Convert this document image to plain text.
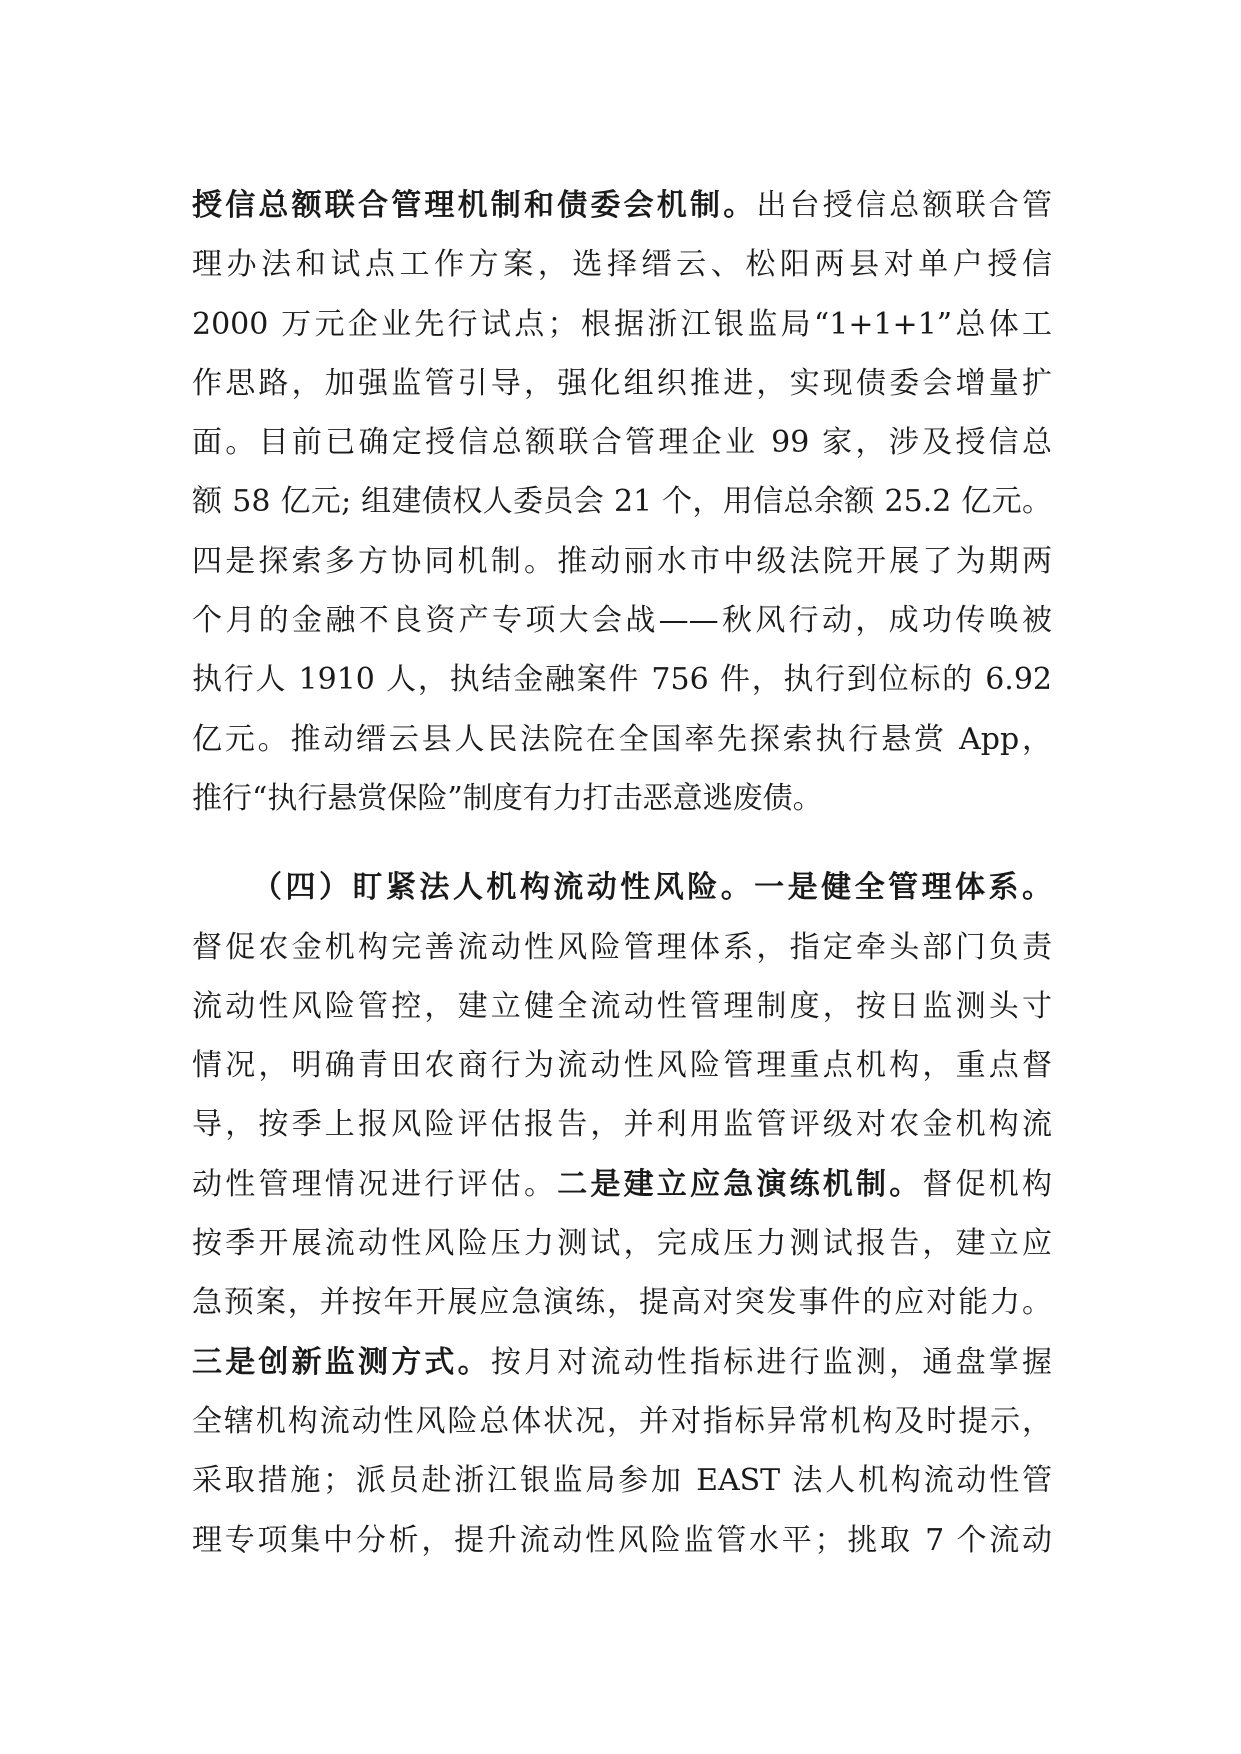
授信总额联合管理机制和债委会机制。出台授信总额联合管
理办法和试点工作方案，选择缙云、松阳两县对单户授信
2000 万元企业先行试点；根据浙江银监局“1+1+1”总体工
作思路，加强监管引导，强化组织推进，实现债委会增量扩
面。目前已确定授信总额联合管理企业 99 家，涉及授信总
额 58 亿元; 组建债权人委员会 21 个，用信总余额 25.2 亿元。
四是探索多方协同机制。推动丽水市中级法院开展了为期两
个月的金融不良资产专项大会战——秋风行动，成功传唤被
执行人 1910 人，执结金融案件 756 件，执行到位标的 6.92
亿元。推动缙云县人民法院在全国率先探索执行悬赏 App，
推行“执行悬赏保险”制度有力打击恶意逃废债。
（四）盯紧法人机构流动性风险。一是健全管理体系。
督促农金机构完善流动性风险管理体系，指定牵头部门负责
流动性风险管控，建立健全流动性管理制度，按日监测头寸
情况，明确青田农商行为流动性风险管理重点机构，重点督
导，按季上报风险评估报告，并利用监管评级对农金机构流
动性管理情况进行评估。二是建立应急演练机制。督促机构
按季开展流动性风险压力测试，完成压力测试报告，建立应
急预案，并按年开展应急演练，提高对突发事件的应对能力。
三是创新监测方式。按月对流动性指标进行监测，通盘掌握
全辖机构流动性风险总体状况，并对指标异常机构及时提示，
采取措施；派员赴浙江银监局参加 EAST 法人机构流动性管
理专项集中分析，提升流动性风险监管水平；挑取 7 个流动
